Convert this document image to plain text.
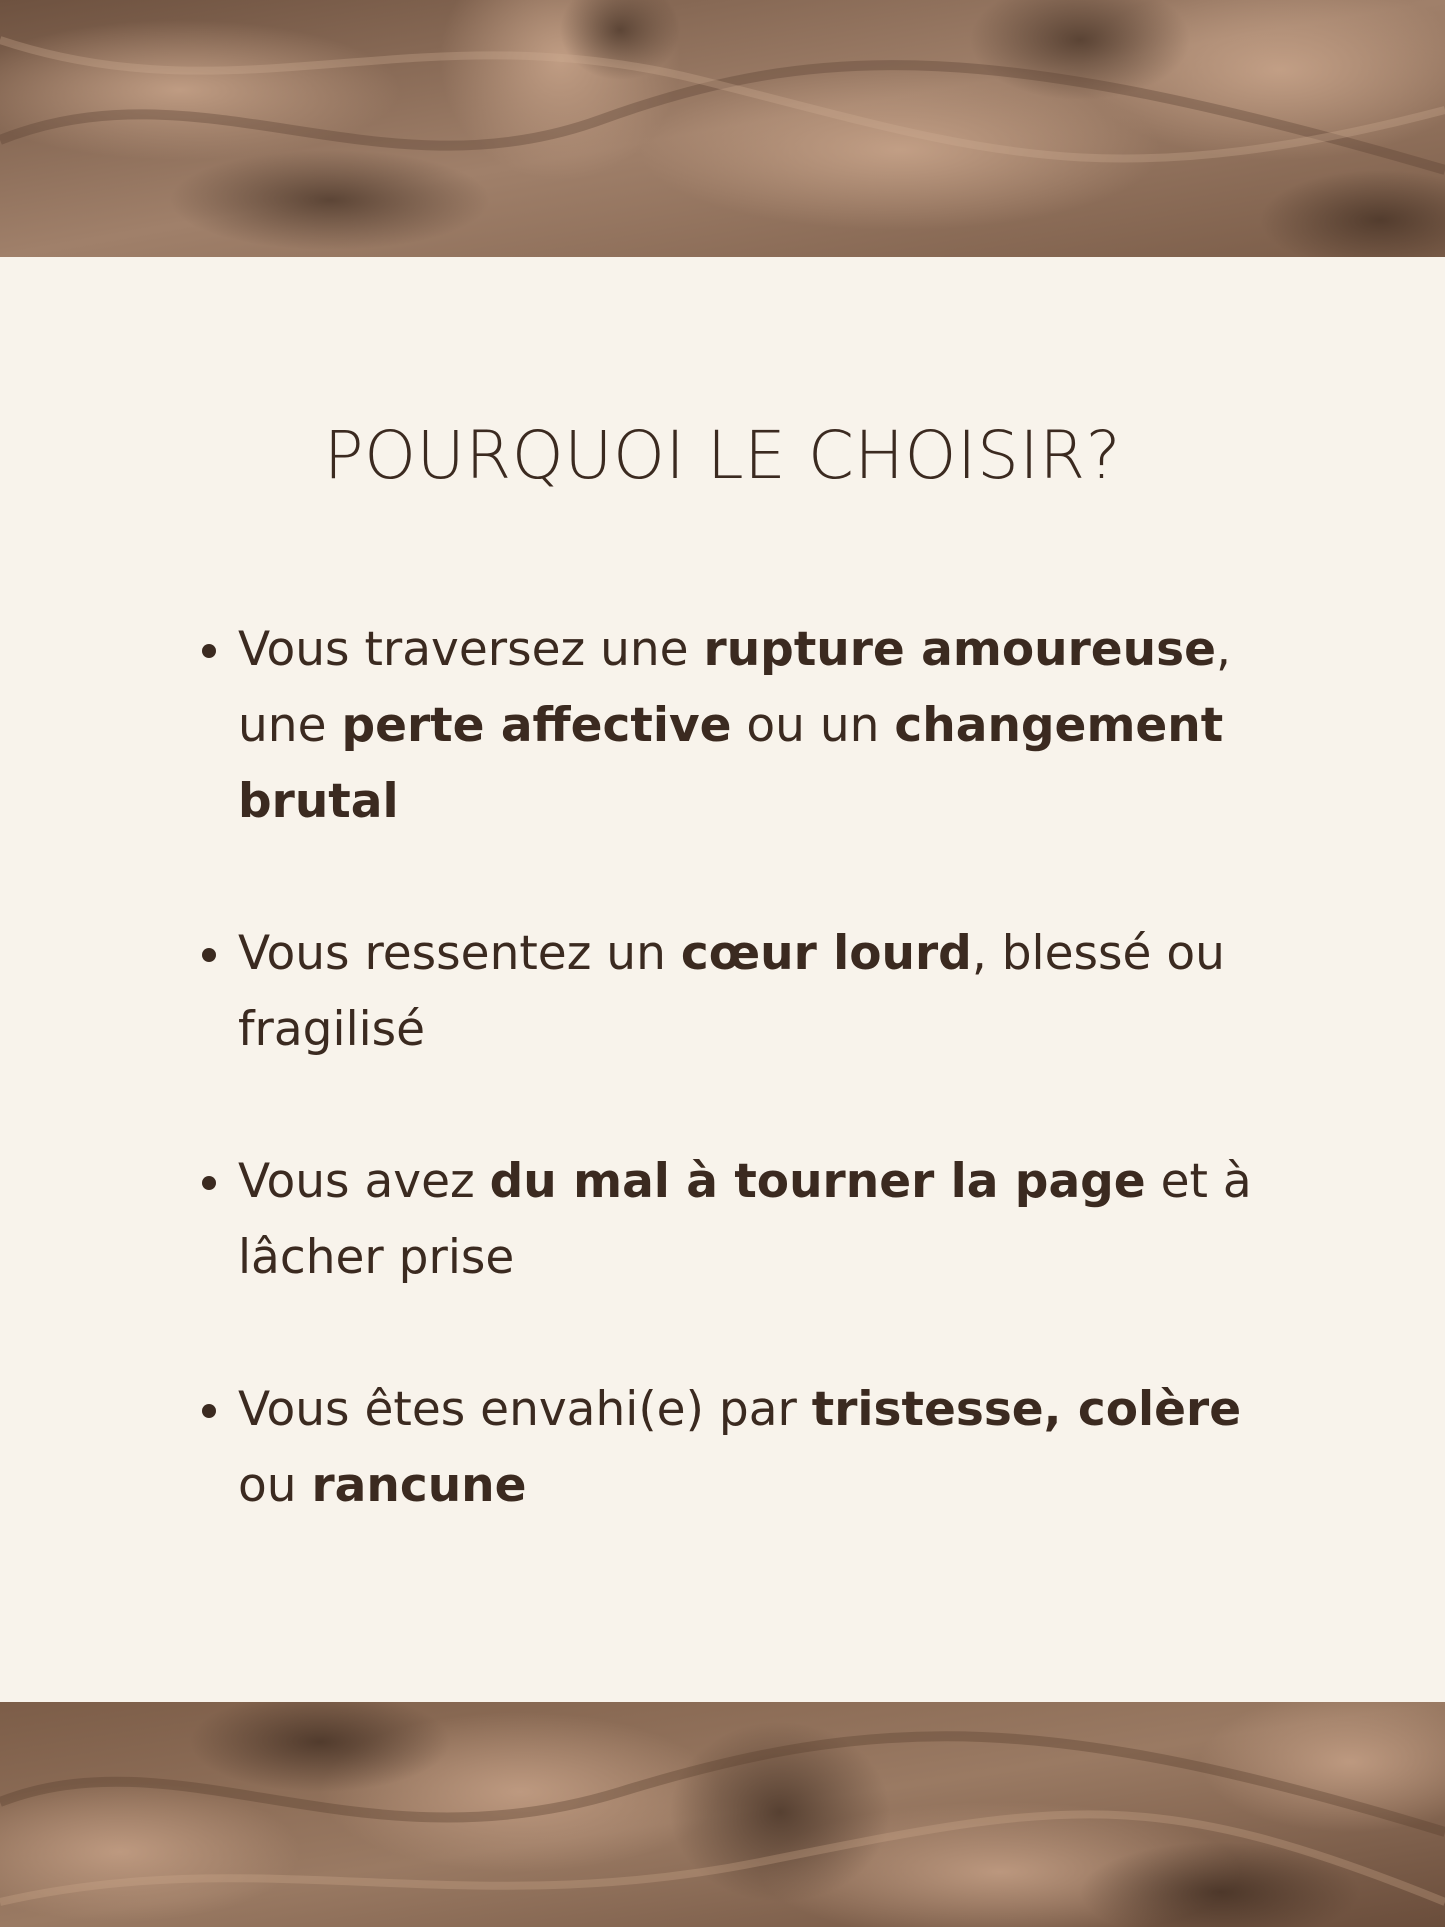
POURQUOI LE CHOISIR?
Vous traversez une rupture amoureuse, une perte affective ou un changement brutal
Vous ressentez un cœur lourd, blessé ou fragilisé
Vous avez du mal à tourner la page et à lâcher prise
Vous êtes envahi(e) par tristesse, colère ou rancune
